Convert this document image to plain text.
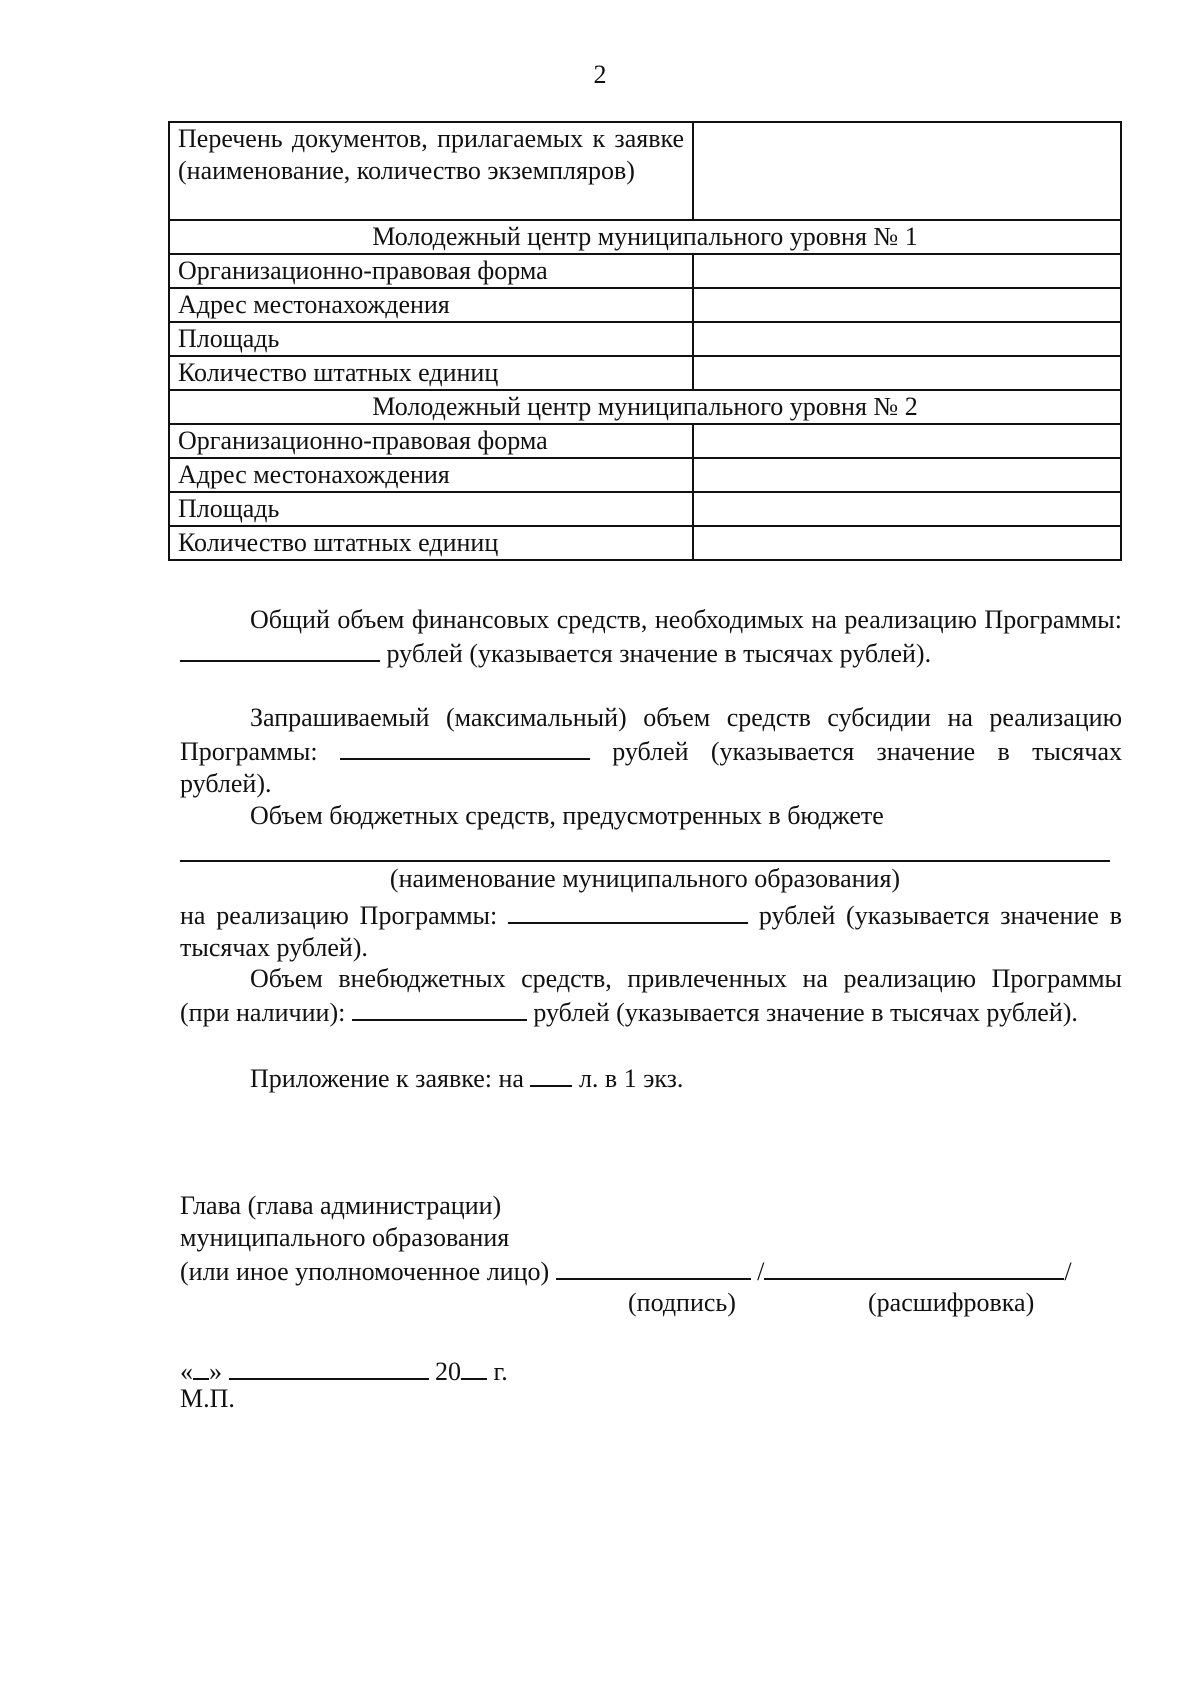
2
Перечень документов, прилагаемых к заявке (наименование, количество экземпляров)	
Молодежный центр муниципального уровня № 1	
Организационно-правовая форма	
Адрес местонахождения	
Площадь	
Количество штатных единиц	
Молодежный центр муниципального уровня № 2	
Организационно-правовая форма	
Адрес местонахождения	
Площадь	
Количество штатных единиц	

Общий объем финансовых средств, необходимых на реализацию Программы:  рублей (указывается значение в тысячах рублей).

Запрашиваемый (максимальный) объем средств субсидии на реализацию Программы:	рублей (указывается значение в тысячах рублей).

Объем бюджетных средств, предусмотренных в бюджете

(наименование муниципального образования)

на реализацию Программы:	рублей (указывается значение в тысячах рублей).

Объем внебюджетных средств, привлеченных на реализацию Программы (при наличии):	рублей (указывается значение в тысячах рублей).

Приложение к заявке: на л. в 1 экз.

Глава (глава администрации)
муниципального образования
(или иное уполномоченное лицо)	/	/
(подпись)	(расшифровка)
« »	20 г.
М.П.
